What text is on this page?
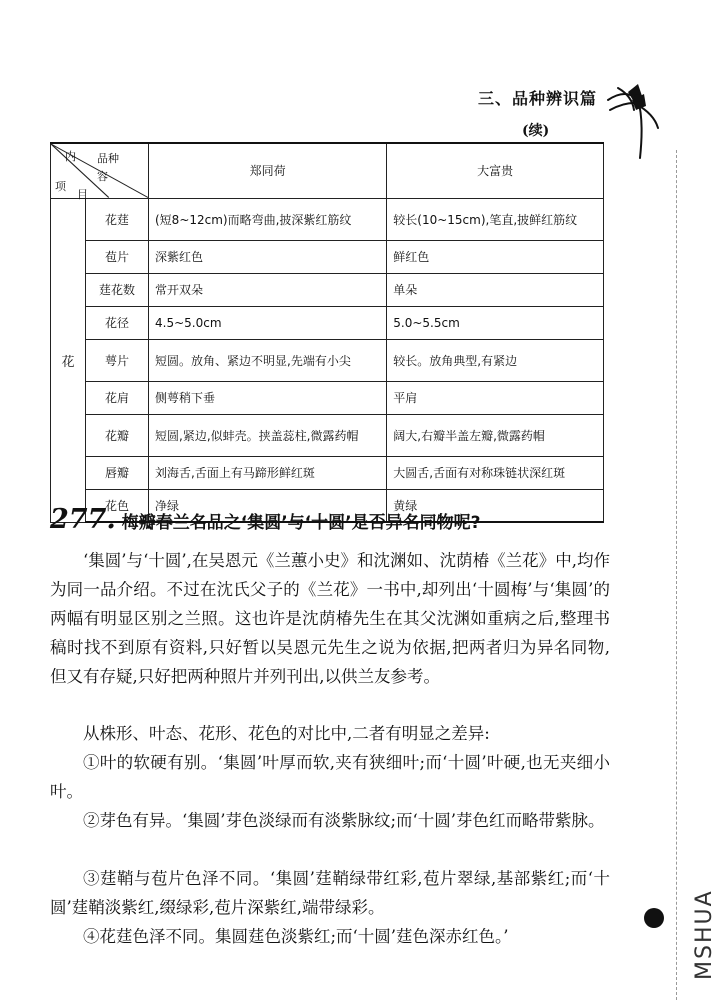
三、品种辨识篇
(续)
内 品种
容
项
目		郑同荷	大富贵
花	花莛	(短8~12cm)而略弯曲,披深紫红筋纹	较长(10~15cm),笔直,披鲜红筋纹
	苞片	深紫红色	鲜红色
	莛花数	常开双朵	单朵
	花径	4.5~5.0cm	5.0~5.5cm
	萼片	短圆。放角、紧边不明显,先端有小尖	较长。放角典型,有紧边
	花肩	侧萼稍下垂	平肩
	花瓣	短圆,紧边,似蚌壳。挟盖蕊柱,微露药帽	阔大,右瓣半盖左瓣,微露药帽
	唇瓣	刘海舌,舌面上有马蹄形鲜红斑	大圆舌,舌面有对称珠链状深红斑
	花色	净绿	黄绿
277. 梅瓣春兰名品之‘集圆’与‘十圆’是否异名同物呢?
‘集圆’与‘十圆’,在吴恩元《兰蕙小史》和沈渊如、沈荫椿《兰花》中,均作为同一品介绍。不过在沈氏父子的《兰花》一书中,却列出‘十圆梅’与‘集圆’的两幅有明显区别之兰照。这也许是沈荫椿先生在其父沈渊如重病之后,整理书稿时找不到原有资料,只好暂以吴恩元先生之说为依据,把两者归为异名同物,但又有存疑,只好把两种照片并列刊出,以供兰友参考。
从株形、叶态、花形、花色的对比中,二者有明显之差异:
①叶的软硬有别。‘集圆’叶厚而软,夹有狭细叶;而‘十圆’叶硬,也无夹细小叶。
②芽色有异。‘集圆’芽色淡绿而有淡紫脉纹;而‘十圆’芽色红而略带紫脉。
③莛鞘与苞片色泽不同。‘集圆’莛鞘绿带红彩,苞片翠绿,基部紫红;而‘十圆’莛鞘淡紫红,缀绿彩,苞片深紫红,端带绿彩。
④花莛色泽不同。集圆莛色淡紫红;而‘十圆’莛色深赤红色。’	MSHUA
